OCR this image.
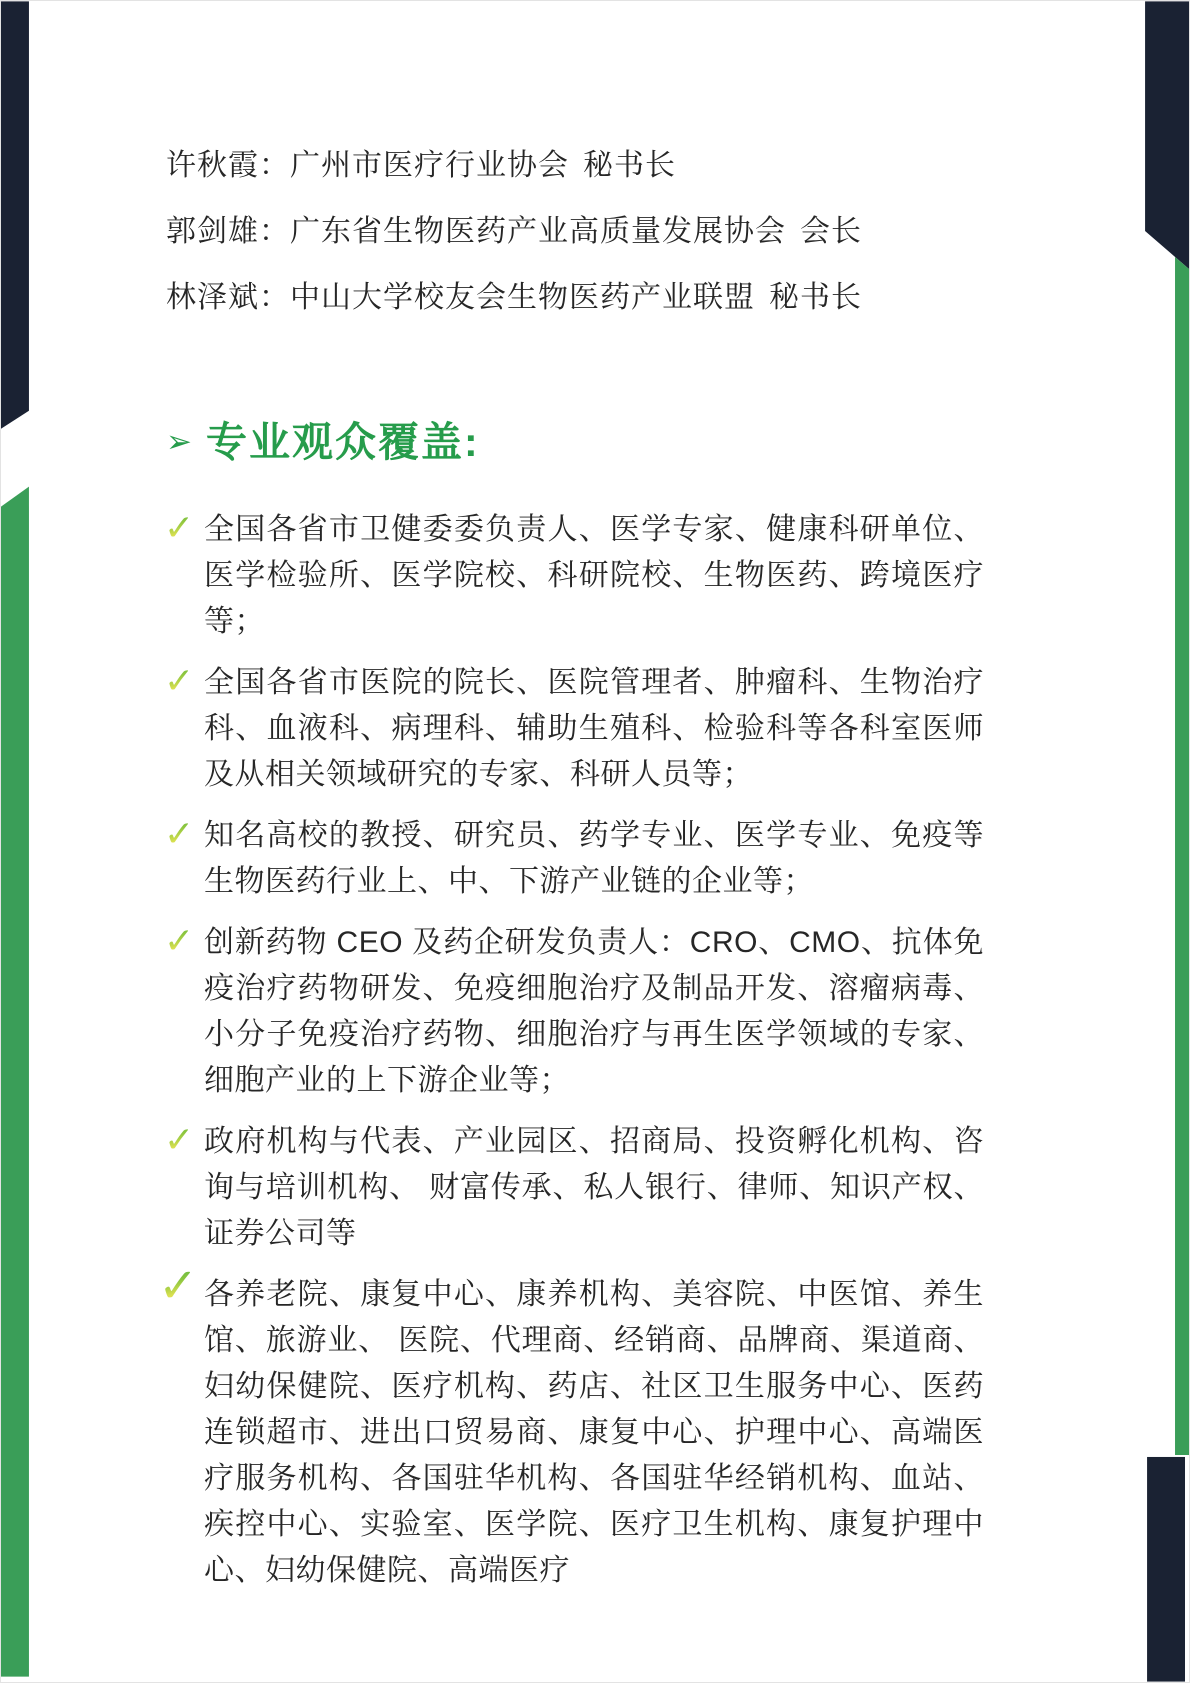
许秋霞：广州市医疗行业协会 秘书长
郭剑雄：广东省生物医药产业高质量发展协会 会长
林泽斌：中山大学校友会生物医药产业联盟 秘书长
➢ 专业观众覆盖:
✓ 全国各省市卫健委委负责人、医学专家、健康科研单位、医学检验所、医学院校、科研院校、生物医药、跨境医疗等；
✓ 全国各省市医院的院长、医院管理者、肿瘤科、生物治疗科、血液科、病理科、辅助生殖科、检验科等各科室医师及从相关领域研究的专家、科研人员等；
✓ 知名高校的教授、研究员、药学专业、医学专业、免疫等生物医药行业上、中、下游产业链的企业等；
✓ 创新药物 CEO 及药企研发负责人：CRO、CMO、抗体免疫治疗药物研发、免疫细胞治疗及制品开发、溶瘤病毒、小分子免疫治疗药物、细胞治疗与再生医学领域的专家、细胞产业的上下游企业等；
✓ 政府机构与代表、产业园区、招商局、投资孵化机构、咨询与培训机构、 财富传承、私人银行、律师、知识产权、证券公司等
✓ 各养老院、康复中心、康养机构、美容院、中医馆、养生馆、旅游业、 医院、代理商、经销商、品牌商、渠道商、妇幼保健院、医疗机构、药店、社区卫生服务中心、医药连锁超市、进出口贸易商、康复中心、护理中心、高端医疗服务机构、各国驻华机构、各国驻华经销机构、血站、疾控中心、实验室、医学院、医疗卫生机构、康复护理中心、妇幼保健院、高端医疗
